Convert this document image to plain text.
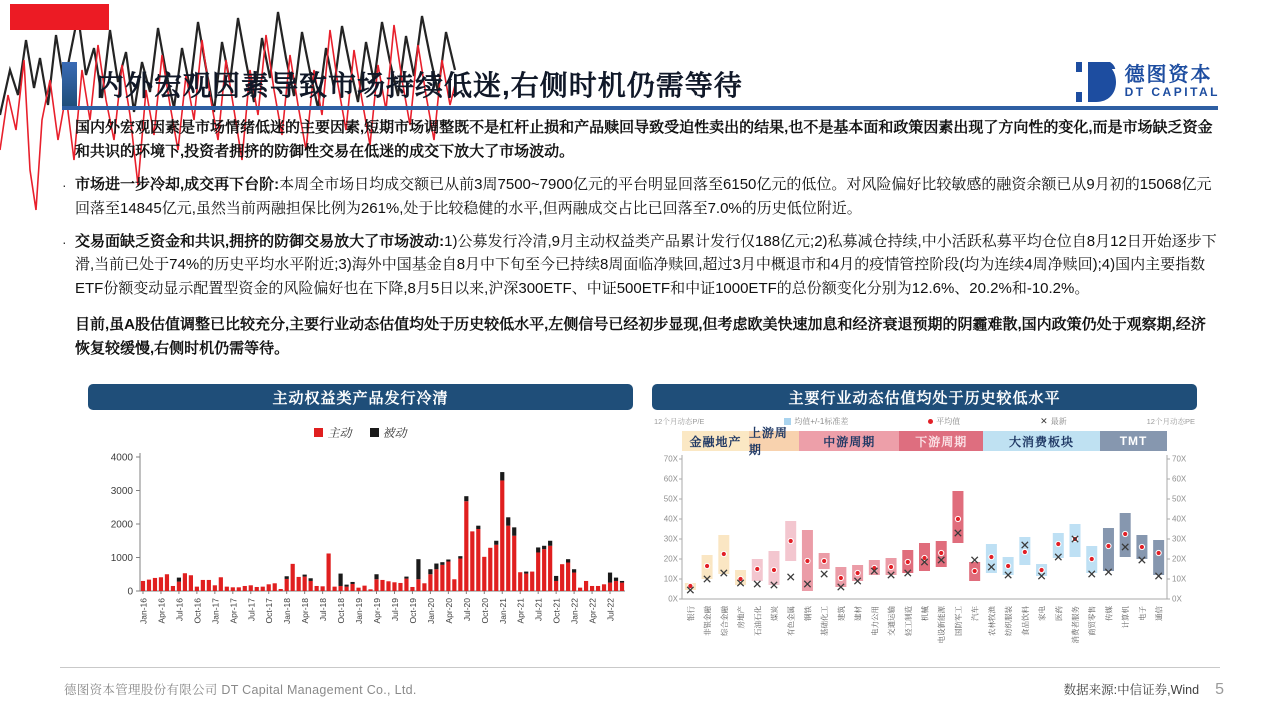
德图资本
DT CAPITAL
内外宏观因素导致市场持续低迷,右侧时机仍需等待

国内外宏观因素是市场情绪低迷的主要因素,短期市场调整既不是杠杆止损和产品赎回导致受迫性卖出的结果,也不是基本面和政策因素出现了方向性的变化,而是市场缺乏资金和共识的环境下,投资者拥挤的防御性交易在低迷的成交下放大了市场波动。

· 市场进一步冷却,成交再下台阶:本周全市场日均成交额已从前3周7500~7900亿元的平台明显回落至6150亿元的低位。对风险偏好比较敏感的融资余额已从9月初的15068亿元回落至14845亿元,虽然当前两融担保比例为261%,处于比较稳健的水平,但两融成交占比已回落至7.0%的历史低位附近。
· 交易面缺乏资金和共识,拥挤的防御交易放大了市场波动:1)公募发行冷清,9月主动权益类产品累计发行仅188亿元;2)私募减仓持续,中小活跃私募平均仓位自8月12日开始逐步下滑,当前已处于74%的历史平均水平附近;3)海外中国基金自8月中下旬至今已持续8周面临净赎回,超过3月中概退市和4月的疫情管控阶段(均为连续4周净赎回);4)国内主要指数ETF份额变动显示配置型资金的风险偏好也在下降,8月5日以来,沪深300ETF、中证500ETF和中证1000ETF的总份额变化分别为12.6%、20.2%和-10.2%。

目前,虽A股估值调整已比较充分,主要行业动态估值均处于历史较低水平,左侧信号已经初步显现,但考虑欧美快速加息和经济衰退预期的阴霾难散,国内政策仍处于观察期,经济恢复较缓慢,右侧时机仍需等待。

主动权益类产品发行冷清
主动	被动
0
1000
2000
3000
4000
Jan-16 Apr-16 Jul-16 Oct-16 Jan-17 Apr-17 Jul-17 Oct-17 Jan-18 Apr-18 Jul-18 Oct-18 Jan-19 Apr-19 Jul-19 Oct-19 Jan-20 Apr-20 Jul-20 Oct-20 Jan-21 Apr-21 Jul-21 Oct-21 Jan-22 Apr-22 Jul-22
主要行业动态估值均处于历史较低水平
12个月动态P/E	均值+/-1标准差	平均值	✕ 最新	12个月动态PE
金融地产
上游周期
中游周期	下游周期	大消费板块	TMT
0X	0X
10X	10X
20X	20X
30X	30X
40X	40X
50X	50X
60X	60X
70X	70X
银行 非银金融 综合金融 房地产 石油石化 煤炭 有色金属 钢铁 基础化工 建筑 建材 电力公用 交通运输 轻工制造 机械 电设新能源 国防军工 汽车 农林牧渔 纺织服装 食品饮料 家电 医药 消费者服务 商贸零售 传媒 计算机 电子 通信
德图资本管理股份有限公司 DT Capital Management Co., Ltd.	数据来源:中信证券,Wind 5
